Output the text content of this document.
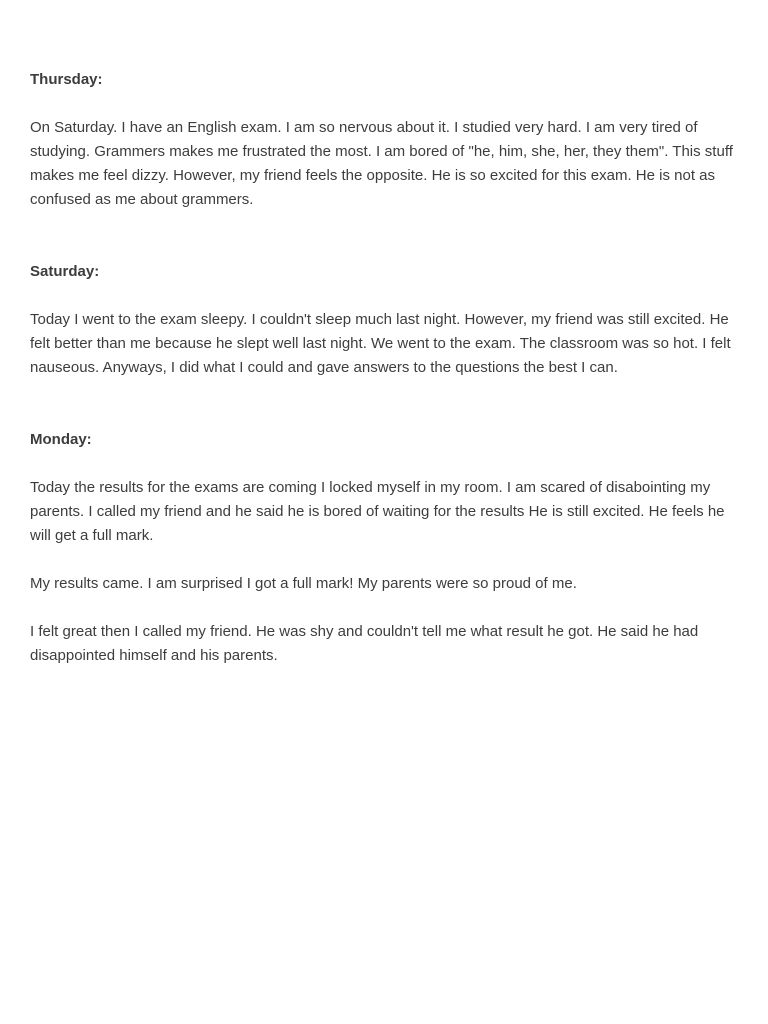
Thursday:

On Saturday. I have an English exam. I am so nervous about it. I studied very hard. I am very tired of studying. Grammers makes me frustrated the most. I am bored of "he, him, she, her, they them". This stuff makes me feel dizzy. However, my friend feels the opposite. He is so excited for this exam. He is not as confused as me about grammers.

Saturday:

Today I went to the exam sleepy. I couldn't sleep much last night. However, my friend was still excited. He felt better than me because he slept well last night. We went to the exam. The classroom was so hot. I felt nauseous. Anyways, I did what I could and gave answers to the questions the best I can.

Monday:

Today the results for the exams are coming I locked myself in my room. I am scared of disabointing my parents. I called my friend and he said he is bored of waiting for the results He is still excited. He feels he will get a full mark.

My results came. I am surprised I got a full mark! My parents were so proud of me.

I felt great then I called my friend. He was shy and couldn't tell me what result he got. He said he had disappointed himself and his parents.
